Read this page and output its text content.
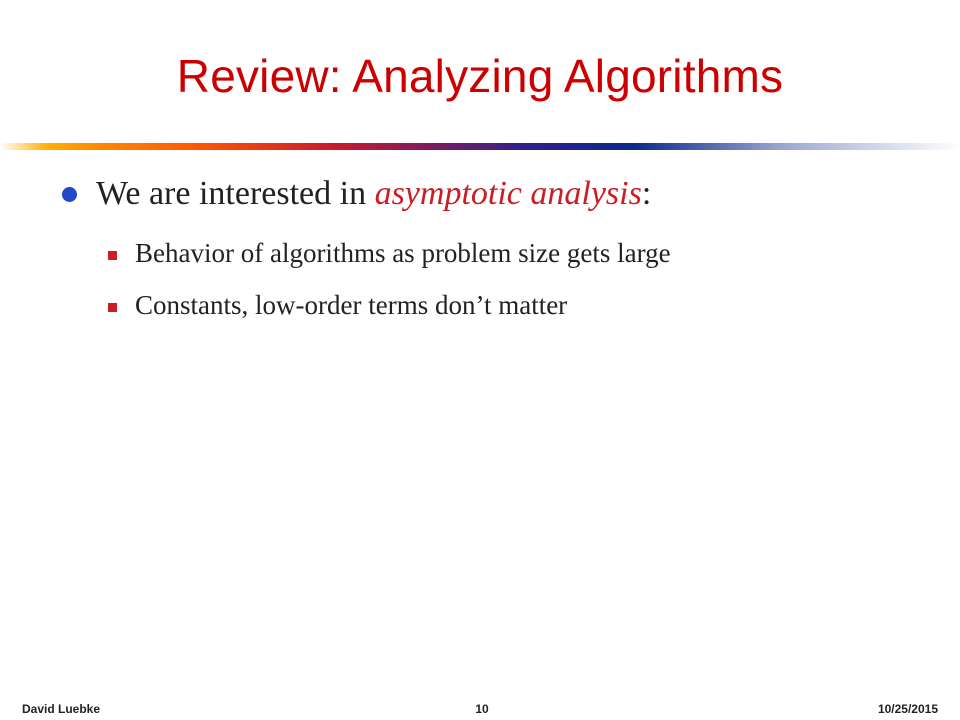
Review: Analyzing Algorithms
We are interested in asymptotic analysis:
Behavior of algorithms as problem size gets large
Constants, low-order terms don’t matter
David Luebke	10	10/25/2015
